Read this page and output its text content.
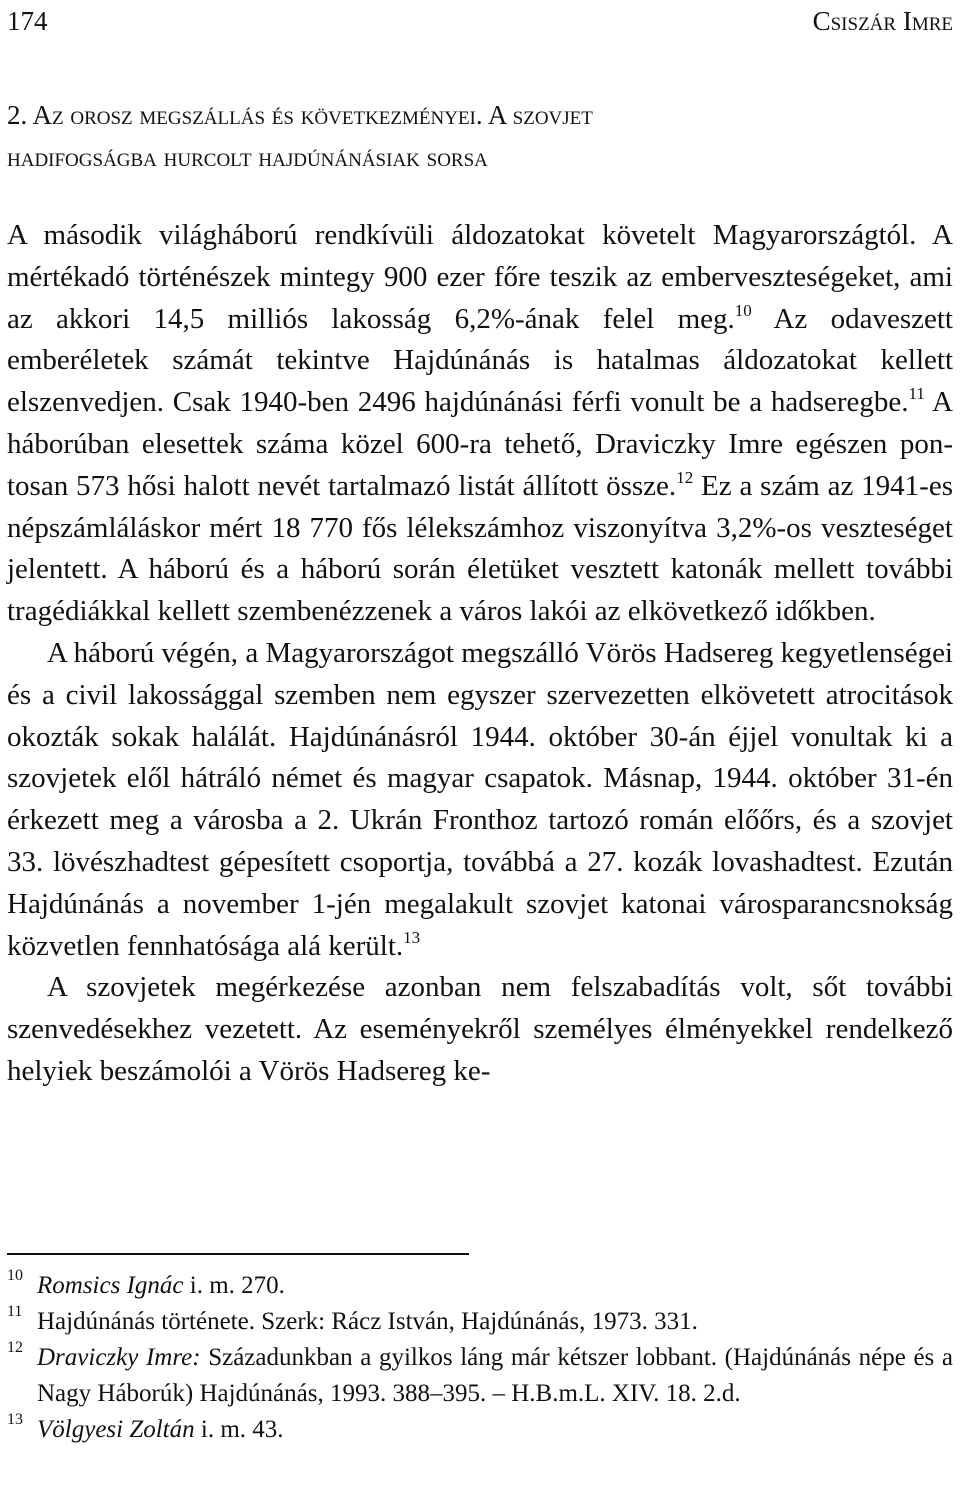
174	Csiszár Imre
2. Az orosz megszállás és következményei. A szovjet
hadifogságba hurcolt hajdúnánásiak sorsa

A második világháború rendkívüli áldozatokat követelt Magyarországtól. A mértékadó történészek mintegy 900 ezer főre teszik az emberveszteségeket, ami az akkori 14,5 milliós lakosság 6,2%-ának felel meg.$^{10}$ Az odaveszett emberéletek számát tekintve Hajdúnánás is hatalmas áldozatokat kellett elszenvedjen. Csak 1940-ben 2496 hajdúnánási férfi vonult be a hadseregbe.$^{11}$ A háborúban elesettek száma közel 600-ra tehető, Draviczky Imre egészen pontosan 573 hősi halott nevét tartalmazó listát állított össze.$^{12}$ Ez a szám az 1941-es népszámláláskor mért 18 770 fős lélekszámhoz viszonyítva 3,2%-os veszteséget jelentett. A háború és a háború során életüket vesztett katonák mellett további tragédiákkal kellett szembenézzenek a város lakói az elkövetkező időkben.

A háború végén, a Magyarországot megszálló Vörös Hadsereg kegyetlenségei és a civil lakossággal szemben nem egyszer szervezetten elkövetett atrocitások okozták sokak halálát. Hajdúnánásról 1944. október 30-án éjjel vonultak ki a szovjetek elől hátráló német és magyar csapatok. Másnap, 1944. október 31-én érkezett meg a városba a 2. Ukrán Fronthoz tartozó román előőrs, és a szovjet 33. lövészhadtest gépesített csoportja, továbbá a 27. kozák lovashadtest. Ezután Hajdúnánás a november 1-jén megalakult szovjet katonai városparancsnokság közvetlen fennhatósága alá került.$^{13}$

A szovjetek megérkezése azonban nem felszabadítás volt, sőt további szenvedésekhez vezetett. Az eseményekről személyes élményekkel rendelkező helyiek beszámolói a Vörös Hadsereg ke-

10 Romsics Ignác i. m. 270.
11 Hajdúnánás története. Szerk: Rácz István, Hajdúnánás, 1973. 331.
12 Draviczky Imre: Századunkban a gyilkos láng már kétszer lobbant. (Hajdúnánás népe és a Nagy Háborúk) Hajdúnánás, 1993. 388–395. – H.B.m.L. XIV. 18. 2.d.
13 Völgyesi Zoltán i. m. 43.
